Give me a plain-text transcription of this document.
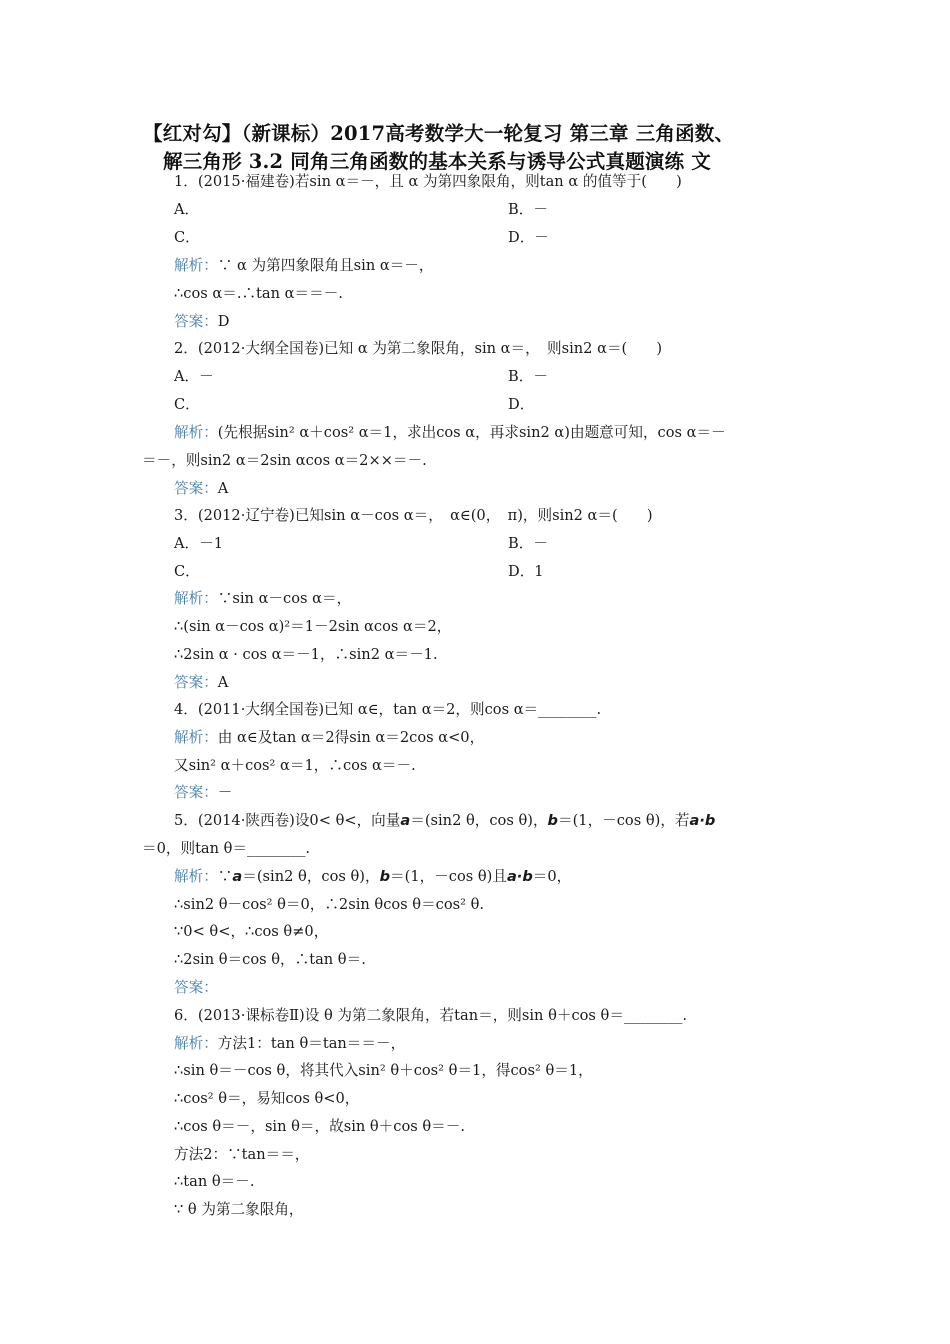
【红对勾】（新课标）2017高考数学大一轮复习 第三章 三角函数、
解三角形 3.2 同角三角函数的基本关系与诱导公式真题演练 文
1．(2015·福建卷)若sin α＝－，且 α 为第四象限角，则tan α 的值等于(　　)
A．	B．－
C．	D．－
解析：∵ α 为第四象限角且sin α＝－，
∴cos α＝.∴tan α＝＝－.
答案：D
2．(2012·大纲全国卷)已知 α 为第二象限角，sin α＝，　则sin2 α＝(　　)
A．－	B．－
C．	D．
解析：(先根据sin² α＋cos² α＝1，求出cos α，再求sin2 α)由题意可知，cos α＝－
＝－，则sin2 α＝2sin αcos α＝2××＝－.
答案：A
3．(2012·辽宁卷)已知sin α－cos α＝，　α∈(0，　π)，则sin2 α＝(　　)
A．－1	B．－
C．	D．1
解析：∵sin α－cos α＝，
∴(sin α－cos α)²＝1－2sin αcos α＝2，
∴2sin α · cos α＝－1，∴sin2 α＝－1.
答案：A
4．(2011·大纲全国卷)已知 α∈，tan α＝2，则cos α＝________.
解析：由 α∈及tan α＝2得sin α＝2cos α<0，
又sin² α＋cos² α＝1，∴cos α＝－.
答案：－
5．(2014·陕西卷)设0< θ<，向量a＝(sin2 θ，cos θ)，b＝(1，－cos θ)，若a·b
＝0，则tan θ＝________.
解析：∵a＝(sin2 θ，cos θ)，b＝(1，－cos θ)且a·b＝0，
∴sin2 θ－cos² θ＝0，∴2sin θcos θ＝cos² θ.
∵0< θ<，∴cos θ≠0，
∴2sin θ＝cos θ，∴tan θ＝.
答案：
6．(2013·课标卷Ⅱ)设 θ 为第二象限角，若tan＝，则sin θ＋cos θ＝________.
解析：方法1：tan θ＝tan＝＝－，
∴sin θ＝－cos θ，将其代入sin² θ＋cos² θ＝1，得cos² θ＝1，
∴cos² θ＝，易知cos θ<0，
∴cos θ＝－，sin θ＝，故sin θ＋cos θ＝－.
方法2：∵tan＝＝，
∴tan θ＝－.
∵ θ 为第二象限角，
